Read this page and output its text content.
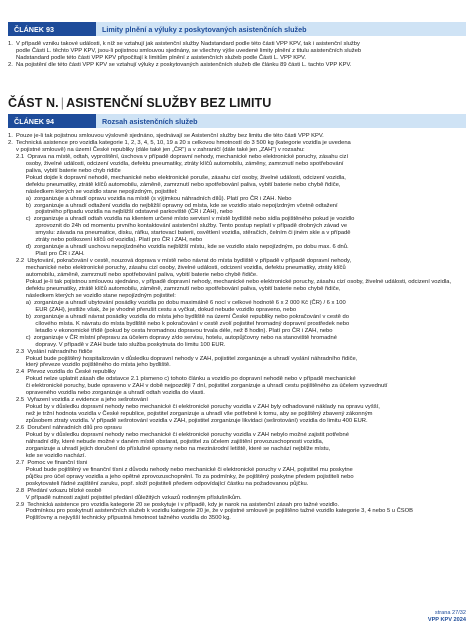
ČLÁNEK 93	Limity plnění a výluky z poskytovaných asistenčních služeb

1.  V případě vzniku takové události, k níž se vztahují jak asistenční služby Nadstandard podle této části VPP KPV, tak i asistenční služby

podle Části L. těchto VPP KPV, jsou-li pojistnou smlouvou sjednány, se všechny výše uvedené limity plnění z titulu asistenčních služeb

Nadstandard podle této části VPP KPV připočítají k limitům plnění z asistenčních služeb podle Části L. VPP KPV.

2.  Na pojistění dle této části VPP KPV se vztahují výluky z poskytovaných asistenčních služeb dle článku 89 části L. tachto VPP KPV.

ČÁST N. | ASISTENČNÍ SLUŽBY BEZ LIMITU
ČLÁNEK 94	Rozsah asistenčních služeb

1.  Pouze je-li tak pojistnou smlouvou výslovně sjednáno, sjednávají se Asistenční služby bez limitu dle této části VPP KPV.

2.  Technická asistence pro vozidla kategorie 1, 2, 3, 4, 5, 10, 19 a 20 s celkovou hmotností do 3 500 kg (kategorie vozidla je uvedena

v pojistné smlouvě) na území České republiky (dále také jen „ČR") a v zahraničí (dále také jen „ZAH") v rozsahu:

2.1  Oprava na místě, odtah, vyproštění, úschova v případě dopravní nehody, mechanické nebo elektronické poruchy, zásahu cizí

osoby, živelné události, odcizení vozidla, defektu pneumatiky, ztráty klíčů automobilu, záměny, zamrznutí nebo spotřebování

paliva, vybití baterie nebo chyb ridiče

Pokud dojde k dopravní nehodě, mechanické nebo elektronické poruše, zásahu cizí osoby, živelné události, odcizení vozidla,

defektu pneumatiky, ztrátě klíčů automobilu, záměně, zamrznutí nebo spotřebování paliva, vybití baterie nebo chybě řidiče,

následkem kterých se vozidlo stane nepojízdným, pojistitel:

a)  zorganizuje a uhradí opravu vozidla na místě (s výjimkou náhradních dílů). Platí pro ČR i ZAH. Nebo

b)  zorganizuje a uhradí odtažení vozidla do nejbližší opravny od místa, kde se vozidlo stalo nepojízdným včetně odtažení

pojistného případu vozidla na nejbližší odstavné parkoviště (ČR i ZAH), nebo

c)  zorganizuje a uhradí odtah vozidla na klientem určené místo servisní v místě bydliště nebo sídla pojištěného pokud je vozidlo

zprovoznit do 24h od momentu prvního kontaktování asistenční služby. Tento postup neplatí v případě drobných závad ve

smyslu: závada na pneumatice, disku, ráfku, startovací baterii, osvětlení vozidla, stěračích, čelním či jiném skle a v případě

ztráty nebo poškození klíčů od vozidla). Platí pro ČR i ZAH, nebo

d)  zorganizuje a uhradí uschovu nepojízdného vozidla nejbližší místu, kde se vozidlo stalo nepojízdným, po dobu max. 6 dnů.

Platí pro ČR i ZAH.

2.2  Ubytování, pokračování v cestě, nouzová doprava v místě nebo návrat do místa bydliště v případě v případě dopravní nehody,

mechanické nebo elektronické poruchy, zásahu cizí osoby, živelné události, odcizení vozidla, defektu pneumatiky, ztráty klíčů

automobilu, záměně, zamrznutí nebo spotřebování paliva, vybití baterie nebo chybě řidiče.

Pokud je-li tak pojistnou smlouvou sjednáno, v případě dopravní nehody, mechanické nebo elektronické poruchy, zásahu cizí osoby, živelné události, odcizení vozidla,

defektu pneumatiky, ztrátě klíčů automobilu, záměně, zamrznutí nebo spotřebování paliva, vybití baterie nebo chybě řidiče,

následkem kterých se vozidlo stane nepojízdným pojistitel:

a)  zorganizuje a uhradí ubytování posádky vozidla po dobu maximálně 6 nocí v celkové hodnotě 6 x 2 000 Kč (ČR) / 6 x 100

EUR (ZAH), jestliže však, že je vhodné přerušit cestu a vyčkat, dokud nebude vozidlo opraveno, nebo

b)  zorganizuje a uhradí návrat posádky vozidla do místa jeho bydliště na území České republiky nebo pokračování v cestě do

cílového místa. K návratu do místa bydliště nebo k pokračování v cestě zvolí pojistitel hromadný dopravní prostředek nebo

letadlo v ekonomické třídě (pokud by cesta hromadnou dopravou trvala déle, než 8 hodin). Platí pro ČR i ZAH, nebo

c)  zorganizuje v ČR místní přepravu za účelem dopravy z/do servisu, hotelu, autopůjčovny nebo na stanoviště hromadné

dopravy. V případě v ZAH bude tato služba poskytnuta do limitu 100 EUR.

2.3  Vyslání náhradního řidiče

Pokud bude pojištěný hospitalizován v důsledku dopravní nehody v ZAH, pojistitel zorganizuje a uhradí vyslání náhradního řidiče,

který převeze vozidlo pojištěného do místa jeho bydliště.

2.4  Převoz vozidla do České republiky

Pokud nelze uplatnit zásah dle odstavce 2.1 písmeno c) tohoto článku a vozidlo po dopravní nehodě nebo v případě mechanické

či elektronické poruchy, bude opraveno v ZAH v době nejpozději 7 dní, pojistitel zorganizuje a uhradí cestu pojištěného za účelem vyzvednutí

opraveného vozidla nebo zorganizuje a uhradí odtah vozidla do vlasti.

2.5  Vyřazení vozidla z evidence a jeho sešrotování

Pokud by v důsledku dopravní nehody nebo mechanické či elektronické poruchy vozidla v ZAH byly odhadované náklady na opravu vyšší,

než je tržní hodnota vozidla v České republice, pojistitel zorganizuje a uhradí vše potřebné k tomu, aby se pojištěný zbavený zákonným

způsobem ztraty vozidla. V případě sešrotování vozidla v ZAH, pojistitel zorganizuje likvidaci (sešrotování) vozidla do limitu 400 EUR.

2.6  Doručení náhradních dílů pro opravu

Pokud by v důsledku dopravní nehody nebo mechanické či elektronické poruchy vozidla v ZAH nebylo možné zajistit potřebné

náhradní díly, které nebude možné v daném místě obstarat, pojistitel za účelem zajištění provozuschopnosti vozidla,

zorganizuje a uhradí jejich doručení do příslušné opravny nebo na mezinárodní letiště, které se nachází nejblíže místu,

kde se vozidlo nachází.

2.7  Pomoc ve finanční tísni

Pokud bude pojištěný ve finanční tísni z důvodu nehody nebo mechanické či elektronické poruchy v ZAH, pojistitel mu poskytne

půjčku pro účel opravy vozidla a jeho opětné zprovozuschopnění. To za podmínky, že pojištěný poskytne předem pojistiteli nebo

poskytovateli řádné zajištění zaruku, popř. složí pojistiteli předem odpovídající částku na požadovanou půjčku.

2.8  Předání vzkazu blízké osobě

V případě nutnosti zajistí pojistitel předání důležitých vzkazů rodinným příslušníkům.

2.9  Technická asistence pro vozidla kategorie 20 se poskytuje i v případě, kdy je narok na asistenční zásah pro tažné vozidlo.

Podmínkou pro poskytnutí asistenčních služeb k vozidlu kategorie 20 je, že v pojistné smlouvě je pojištěno tažné vozidlo kategorie 3, 4 nebo 5 u ČSOB

Pojišťovny a nejvyšší technicky přípustná hmotnost tažného vozidla do 3500 kg.

strana 27/32
VPP KPV 2024
